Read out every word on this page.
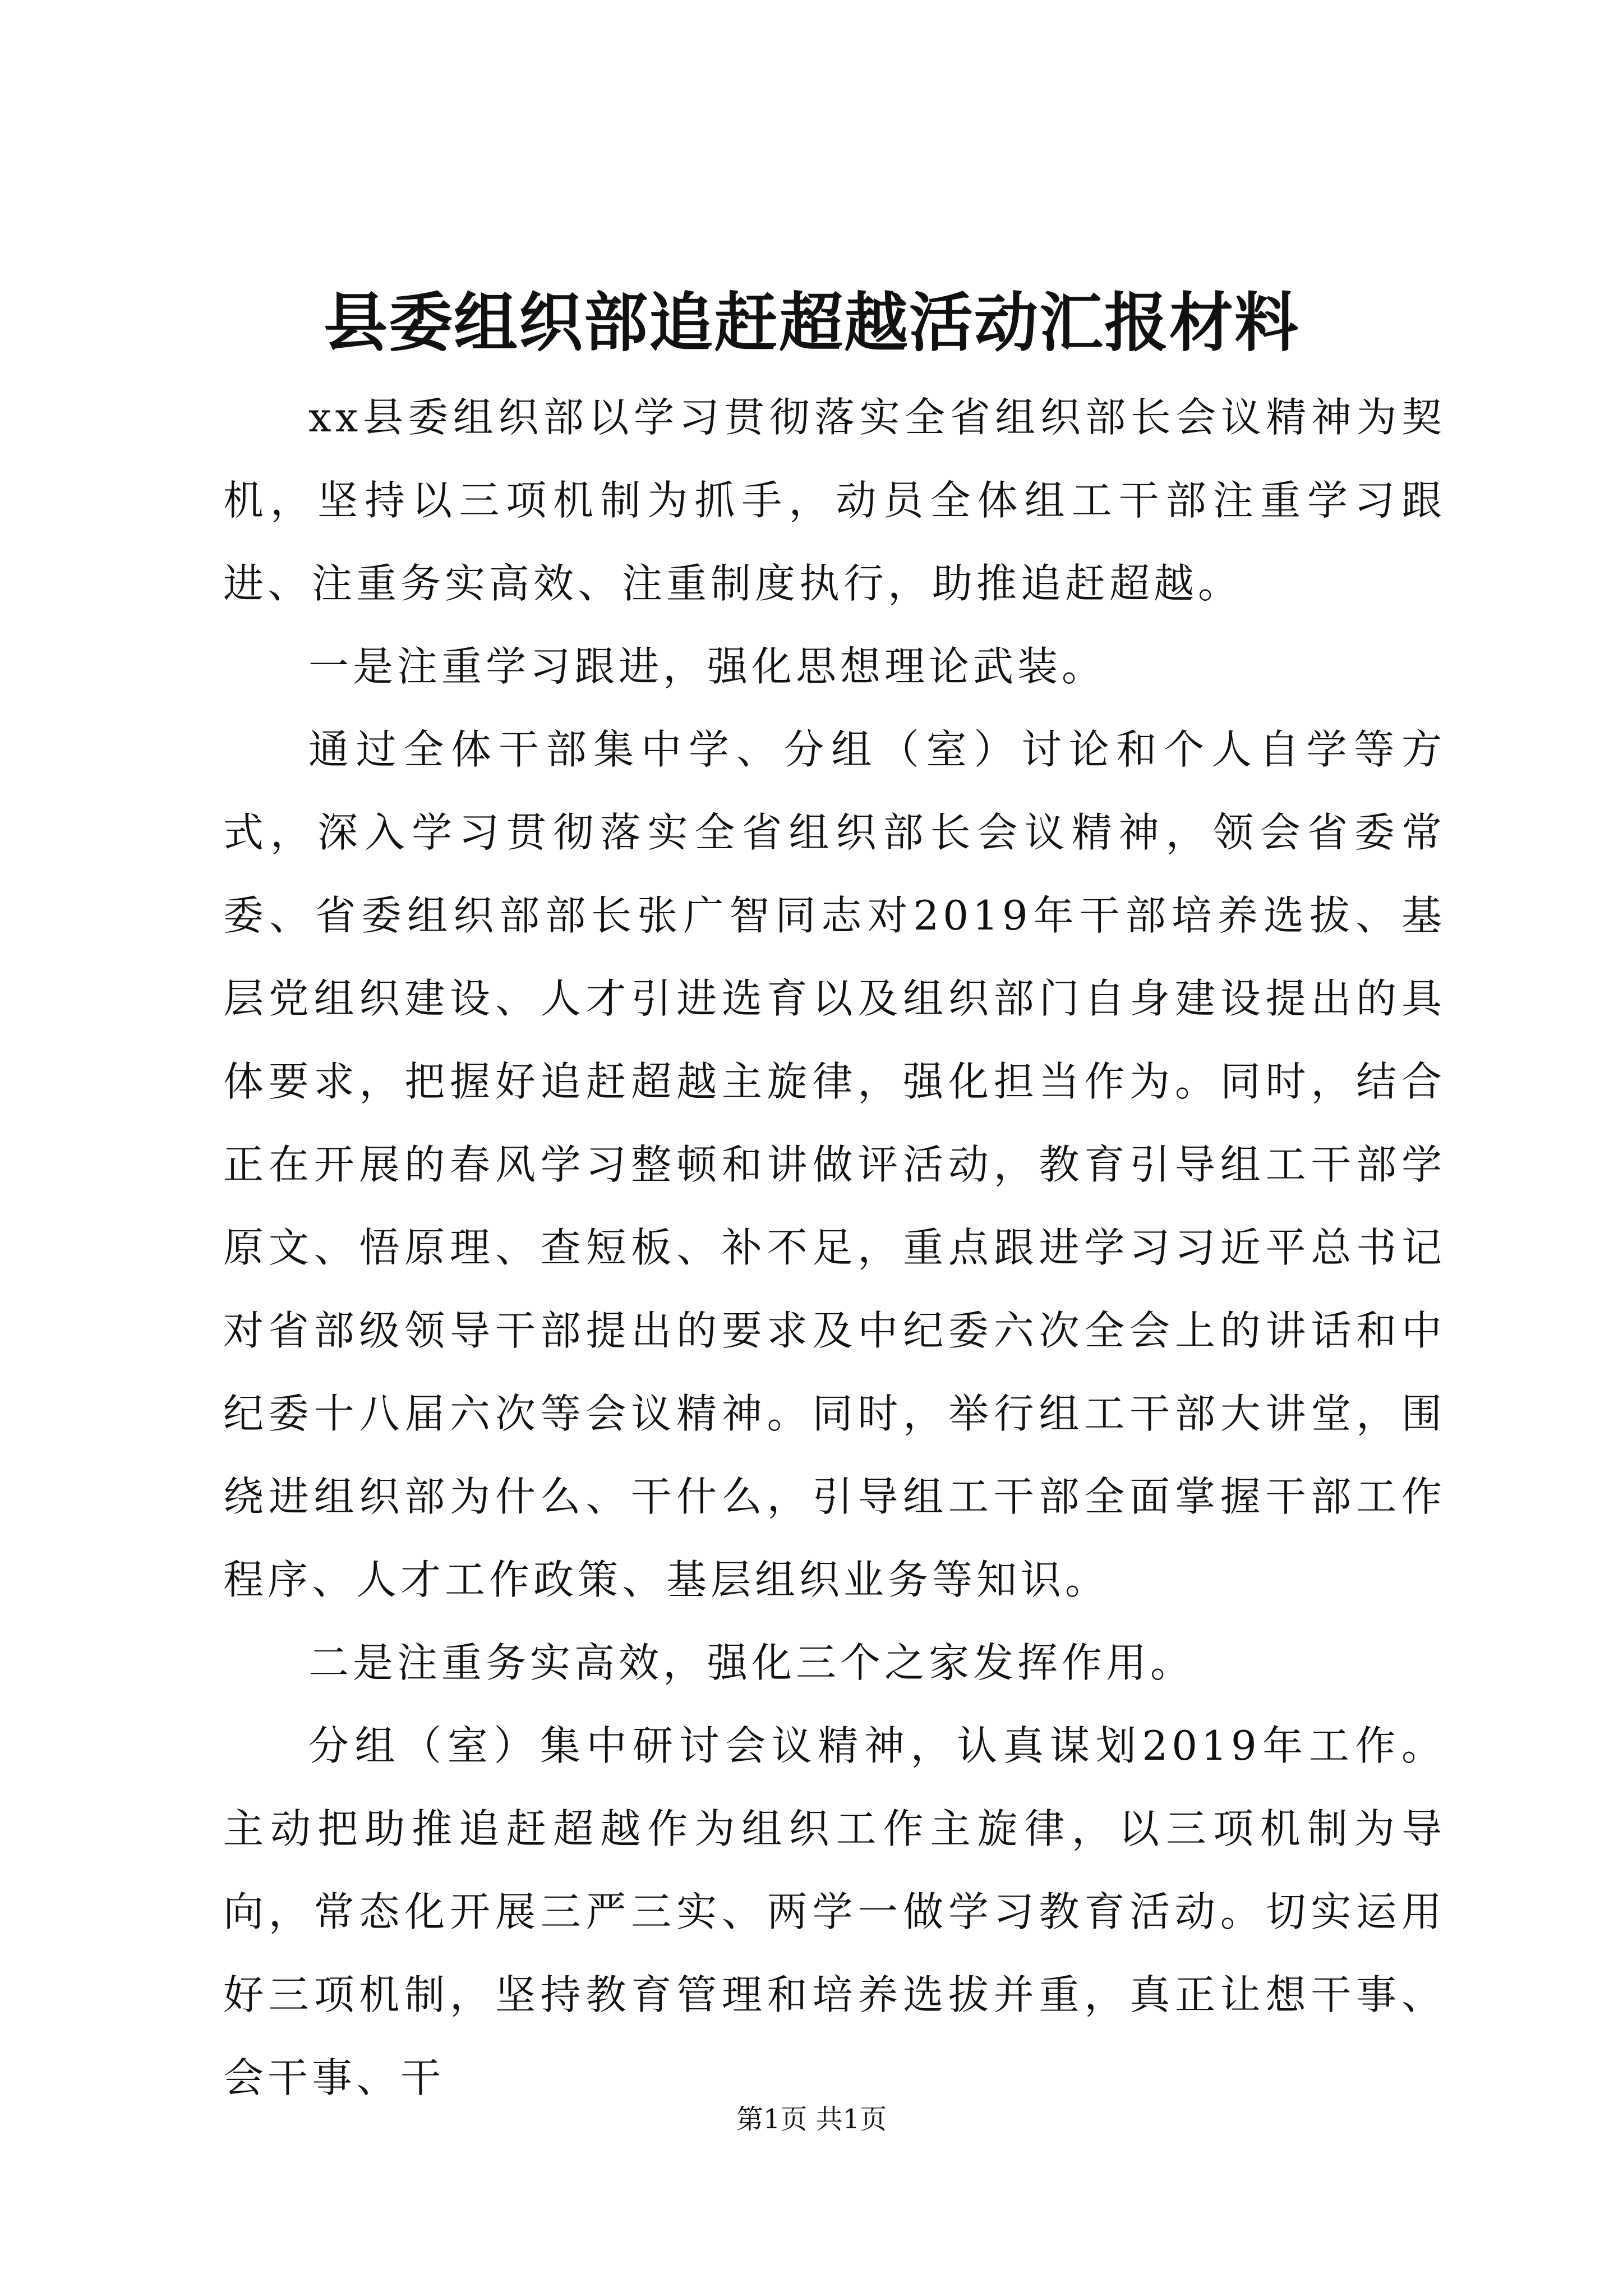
县委组织部追赶超越活动汇报材料

xx县委组织部以学习贯彻落实全省组织部长会议精神为契机，坚持以三项机制为抓手，动员全体组工干部注重学习跟进、注重务实高效、注重制度执行，助推追赶超越。

一是注重学习跟进，强化思想理论武装。

通过全体干部集中学、分组（室）讨论和个人自学等方式，深入学习贯彻落实全省组织部长会议精神，领会省委常委、省委组织部部长张广智同志对2019年干部培养选拔、基层党组织建设、人才引进选育以及组织部门自身建设提出的具体要求，把握好追赶超越主旋律，强化担当作为。同时，结合正在开展的春风学习整顿和讲做评活动，教育引导组工干部学原文、悟原理、查短板、补不足，重点跟进学习习近平总书记对省部级领导干部提出的要求及中纪委六次全会上的讲话和中纪委十八届六次等会议精神。同时，举行组工干部大讲堂，围绕进组织部为什么、干什么，引导组工干部全面掌握干部工作程序、人才工作政策、基层组织业务等知识。

二是注重务实高效，强化三个之家发挥作用。

分组（室）集中研讨会议精神，认真谋划2019年工作。主动把助推追赶超越作为组织工作主旋律，以三项机制为导向，常态化开展三严三实、两学一做学习教育活动。切实运用好三项机制，坚持教育管理和培养选拔并重，真正让想干事、会干事、干

第1页 共1页
